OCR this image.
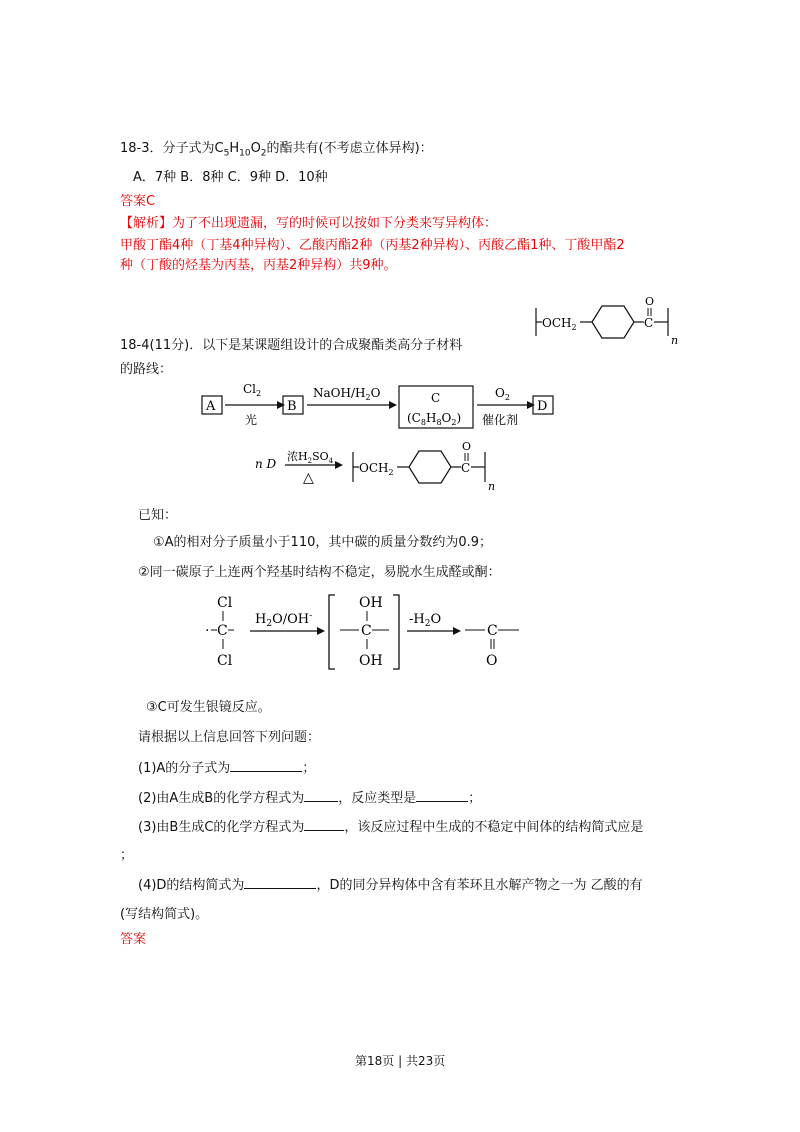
18-3．分子式为$C_5H_{10}O_2$的酯共有(不考虑立体异构)：
A．7种 B．8种 C．9种 D．10种
答案C
【解析】为了不出现遗漏，写的时候可以按如下分类来写异构体：
甲酸丁酯4种（丁基4种异构）、乙酸丙酯2种（丙基2种异构）、丙酸乙酯1种、丁酸甲酯2
种（丁酸的烃基为丙基，丙基2种异构）共9种。
$OCH_2$	C
O
n
18-4(11分)．以下是某课题组设计的合成聚酯类高分子材料
的路线：
A
$Cl_2$
光
B
NaOH/$H_2O$	C
$(C_8H_8O_2)$
$O_2$
催化剂
D
n D
浓$H_2SO_4$
△
$OCH_2$	C
O
n
已知：
①A的相对分子质量小于110，其中碳的质量分数约为0.9；
②同一碳原子上连两个羟基时结构不稳定，易脱水生成醛或酮：
Cl
· C
Cl
$H_2O/OH^-$
OH
C
OH
$-H_2O$
C
O
③C可发生银镜反应。
请根据以上信息回答下列问题：
(1)A的分子式为	；
(2)由A生成B的化学方程式为	，反应类型是	；
(3)由B生成C的化学方程式为	，该反应过程中生成的不稳定中间体的结构简式应是
；
(4)D的结构简式为	，D的同分异构体中含有苯环且水解产物之一为 乙酸的有
(写结构简式)。
答案
第18页 | 共23页
